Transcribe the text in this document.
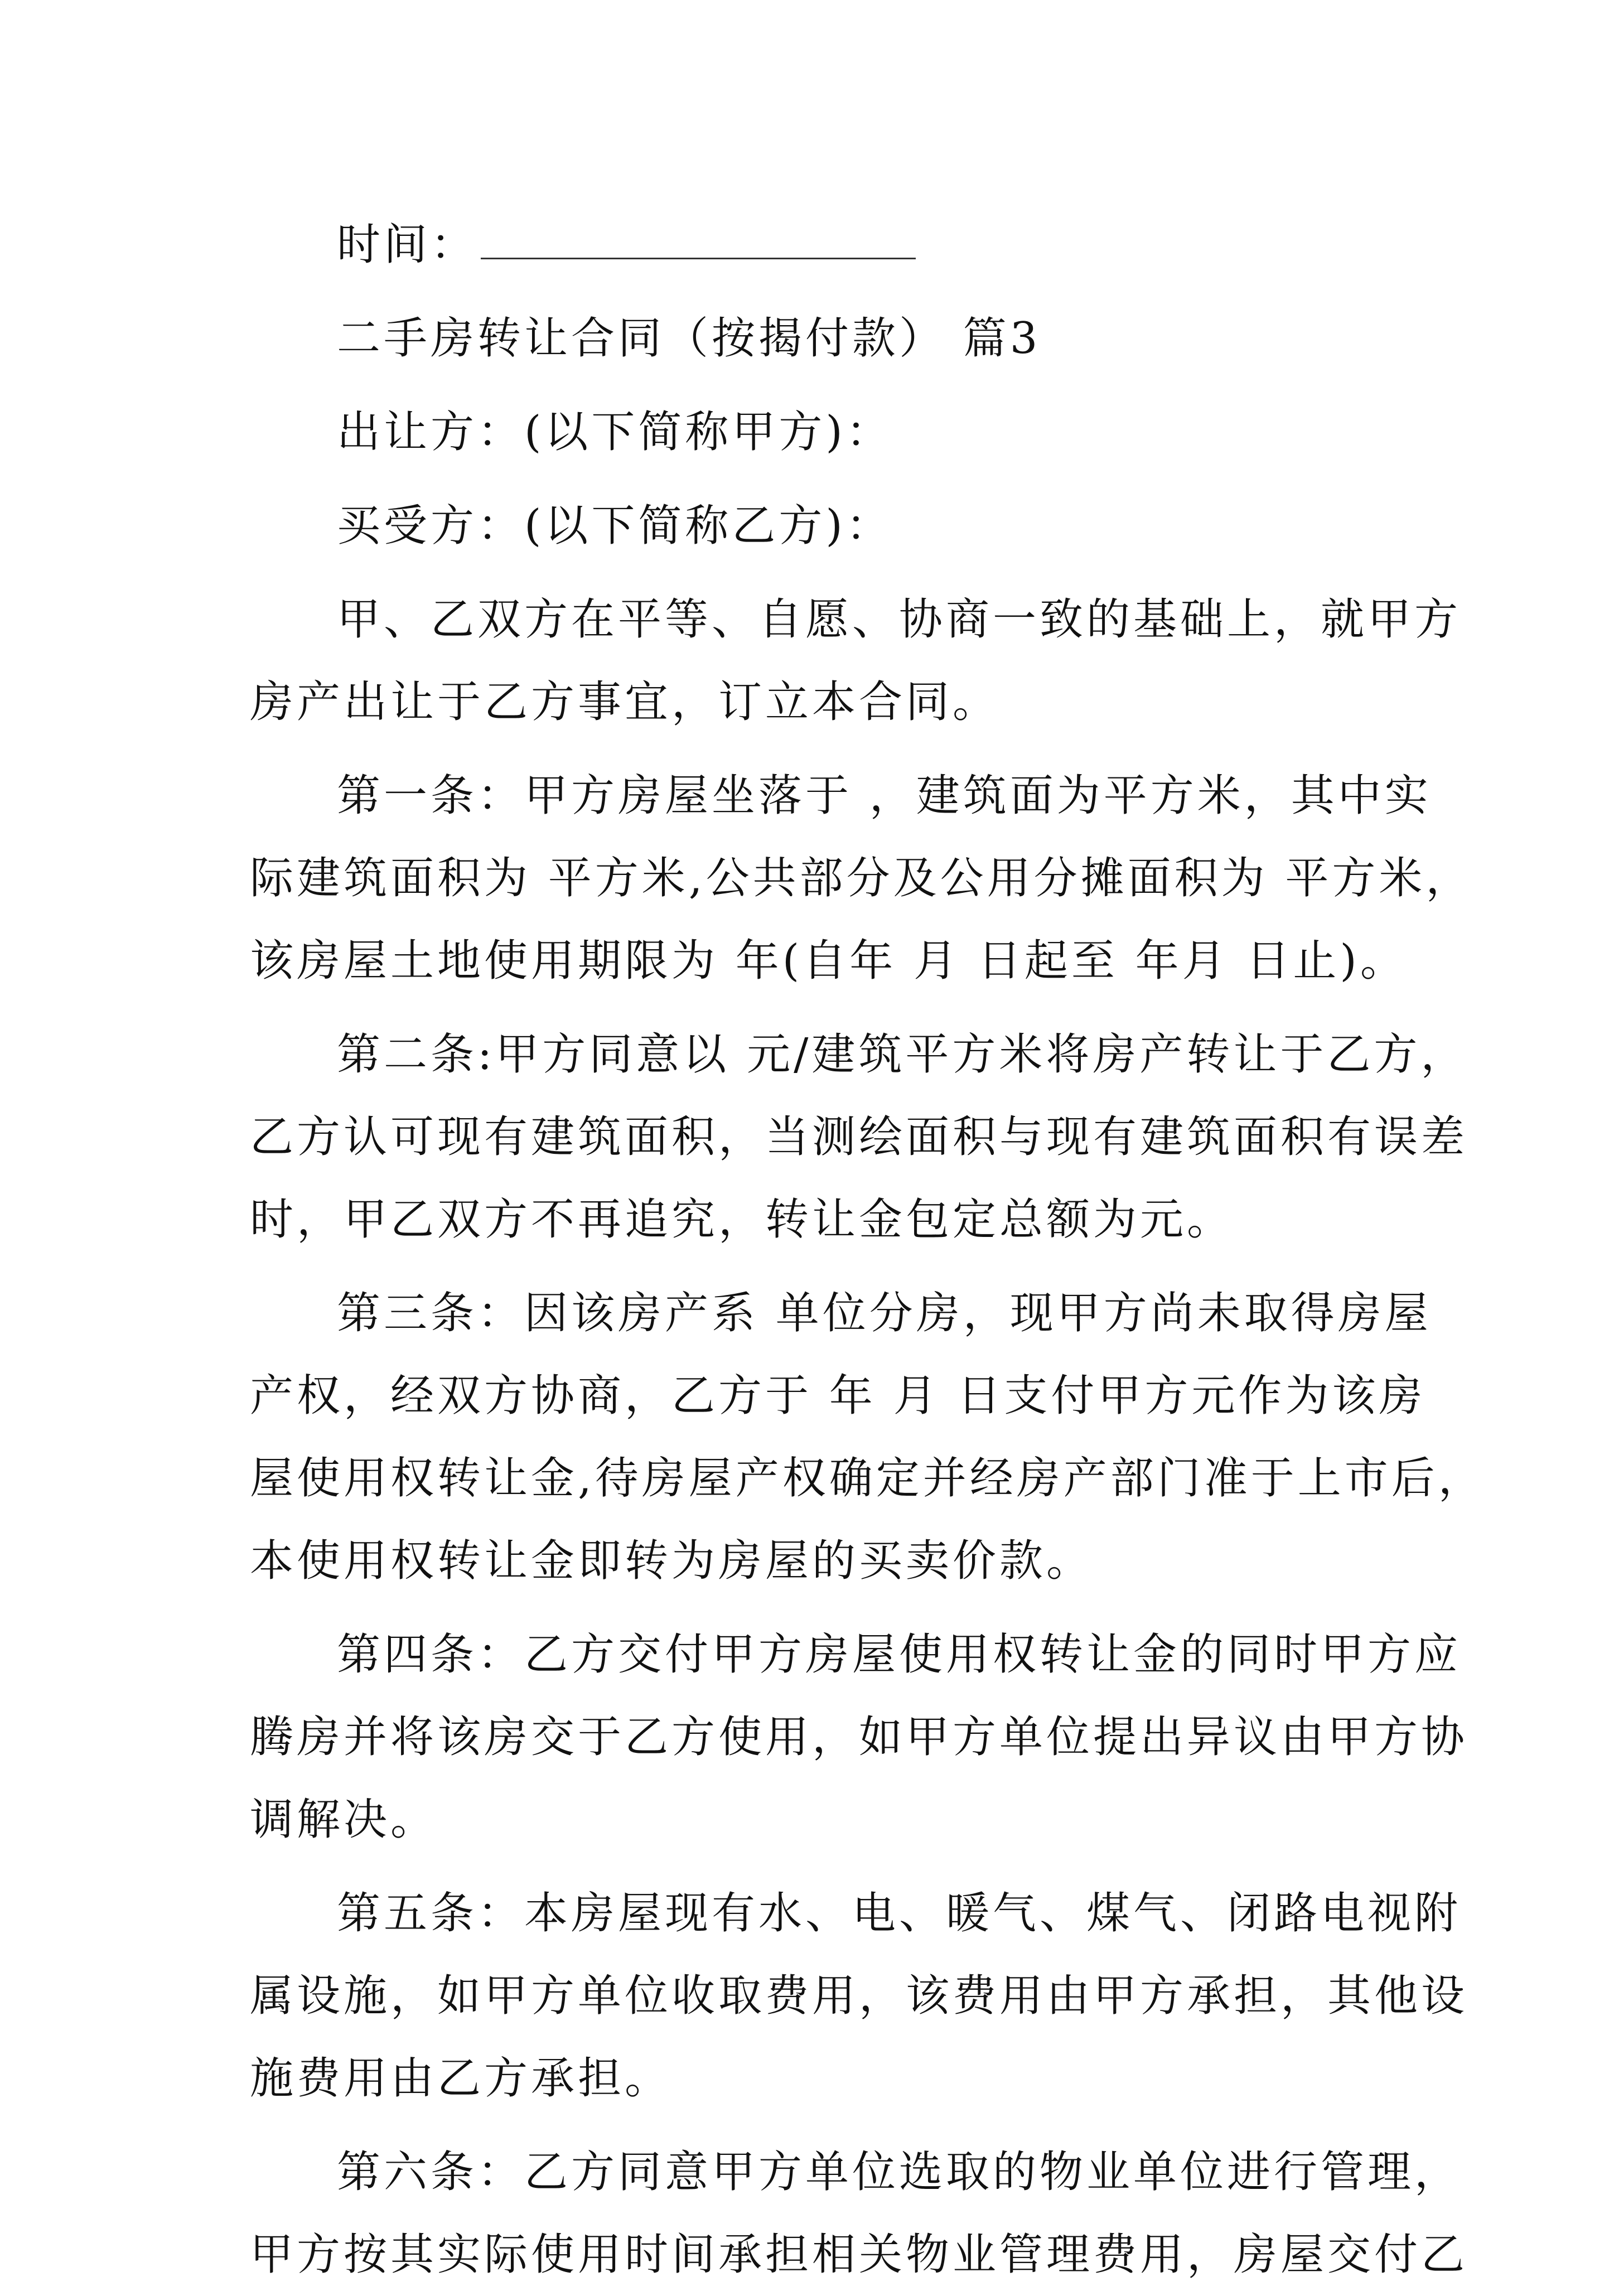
时间：
二手房转让合同（按揭付款） 篇3
出让方：(以下简称甲方)：
买受方：(以下简称乙方)：
甲、乙双方在平等、自愿、协商一致的基础上，就甲方
房产出让于乙方事宜，订立本合同。
第一条：甲方房屋坐落于 ，建筑面为平方米，其中实
际建筑面积为 平方米,公共部分及公用分摊面积为 平方米，
该房屋土地使用期限为 年(自年 月 日起至 年月 日止)。
第二条:甲方同意以 元/建筑平方米将房产转让于乙方，
乙方认可现有建筑面积，当测绘面积与现有建筑面积有误差
时，甲乙双方不再追究，转让金包定总额为元。
第三条：因该房产系 单位分房，现甲方尚未取得房屋
产权，经双方协商，乙方于 年 月 日支付甲方元作为该房
屋使用权转让金,待房屋产权确定并经房产部门准于上市后，
本使用权转让金即转为房屋的买卖价款。
第四条：乙方交付甲方房屋使用权转让金的同时甲方应
腾房并将该房交于乙方使用，如甲方单位提出异议由甲方协
调解决。
第五条：本房屋现有水、电、暖气、煤气、闭路电视附
属设施，如甲方单位收取费用，该费用由甲方承担，其他设
施费用由乙方承担。
第六条：乙方同意甲方单位选取的物业单位进行管理，
甲方按其实际使用时间承担相关物业管理费用，房屋交付乙
